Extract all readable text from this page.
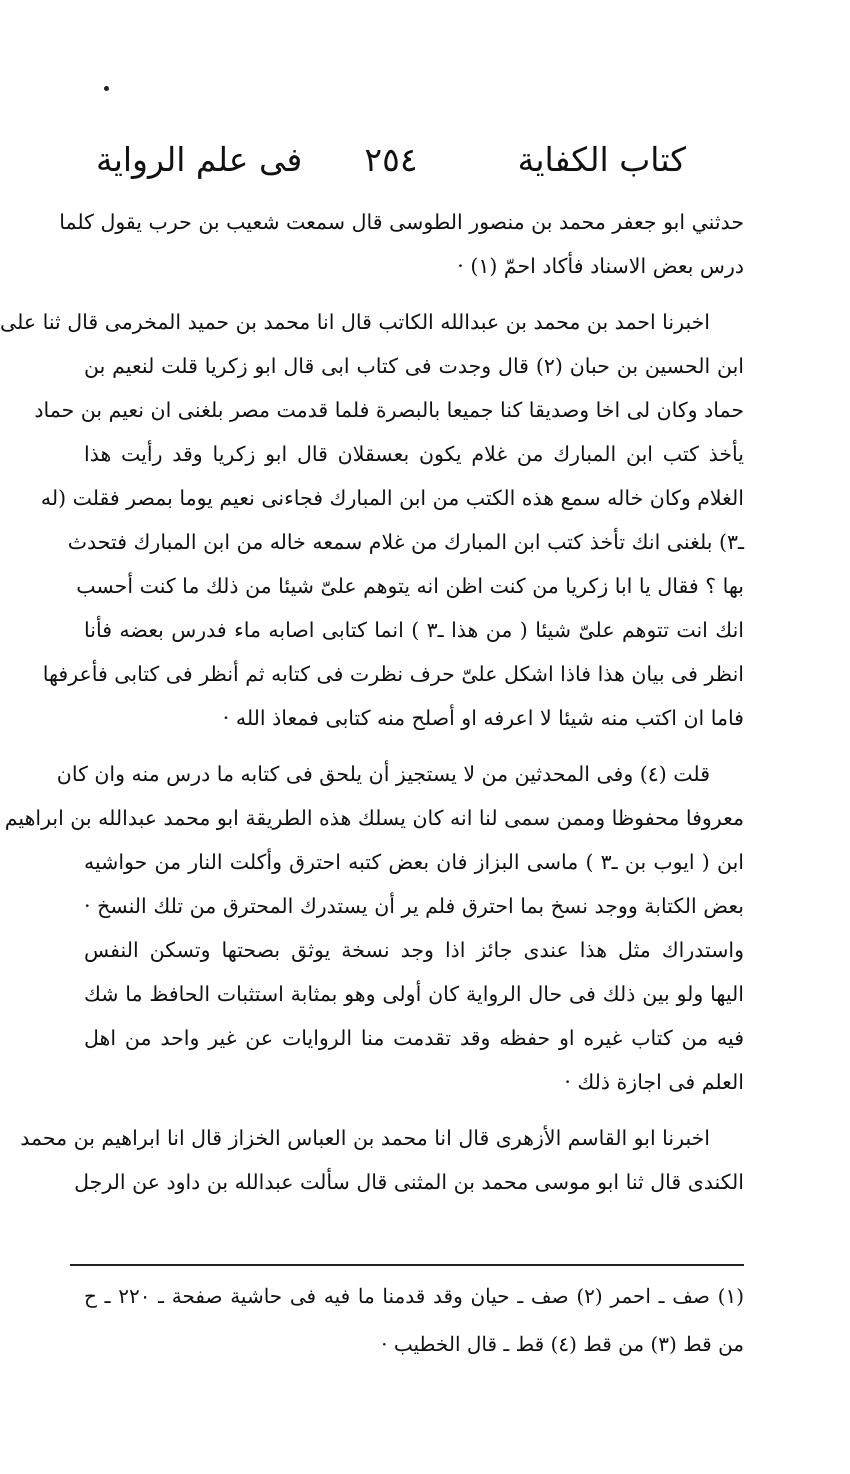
كتاب الكفاية
٢٥٤
فى علم الرواية
حدثني ابو جعفر محمد بن منصور الطوسى قال سمعت شعيب بن حرب يقول كلما
درس بعض الاسناد فأكاد احمّ (١) ·
اخبرنا احمد بن محمد بن عبدالله الكاتب قال انا محمد بن حميد المخرمى قال ثنا على
ابن الحسين بن حبان (٢) قال وجدت فى كتاب ابى قال ابو زكريا قلت لنعيم بن
حماد وكان لى اخا وصديقا كنا جميعا بالبصرة فلما قدمت مصر بلغنى ان نعيم بن حماد
يأخذ كتب ابن المبارك من غلام يكون بعسقلان قال ابو زكريا وقد رأيت هذا
الغلام وكان خاله سمع هذه الكتب من ابن المبارك فجاءنى نعيم يوما بمصر فقلت (له
ـ٣) بلغنى انك تأخذ كتب ابن المبارك من غلام سمعه خاله من ابن المبارك فتحدث
بها ؟ فقال يا ابا زكريا من كنت اظن انه يتوهم علىّ شيئا من ذلك ما كنت أحسب
انك انت تتوهم علىّ شيئا ( من هذا ـ٣ ) انما كتابى اصابه ماء فدرس بعضه فأنا
انظر فى بيان هذا فاذا اشكل علىّ حرف نظرت فى كتابه ثم أنظر فى كتابى فأعرفها
فاما ان اكتب منه شيئا لا اعرفه او أصلح منه كتابى فمعاذ الله ·
قلت (٤) وفى المحدثين من لا يستجيز أن يلحق فى كتابه ما درس منه وان كان
معروفا محفوظا وممن سمى لنا انه كان يسلك هذه الطريقة ابو محمد عبدالله بن ابراهيم
ابن ( ايوب بن ـ٣ ) ماسى البزاز فان بعض كتبه احترق وأكلت النار من حواشيه
بعض الكتابة ووجد نسخ بما احترق فلم ير أن يستدرك المحترق من تلك النسخ ·
واستدراك مثل هذا عندى جائز اذا وجد نسخة يوثق بصحتها وتسكن النفس
اليها ولو بين ذلك فى حال الرواية كان أولى وهو بمثابة استثبات الحافظ ما شك
فيه من كتاب غيره او حفظه وقد تقدمت منا الروايات عن غير واحد من اهل
العلم فى اجازة ذلك ·
اخبرنا ابو القاسم الأزهرى قال انا محمد بن العباس الخزاز قال انا ابراهيم بن محمد
الكندى قال ثنا ابو موسى محمد بن المثنى قال سألت عبدالله بن داود عن الرجل
(١) صف ـ احمر (٢) صف ـ حيان وقد قدمنا ما فيه فى حاشية صفحة ـ ٢٢٠ ـ ح
من قط (٣) من قط (٤) قط ـ قال الخطيب ·
